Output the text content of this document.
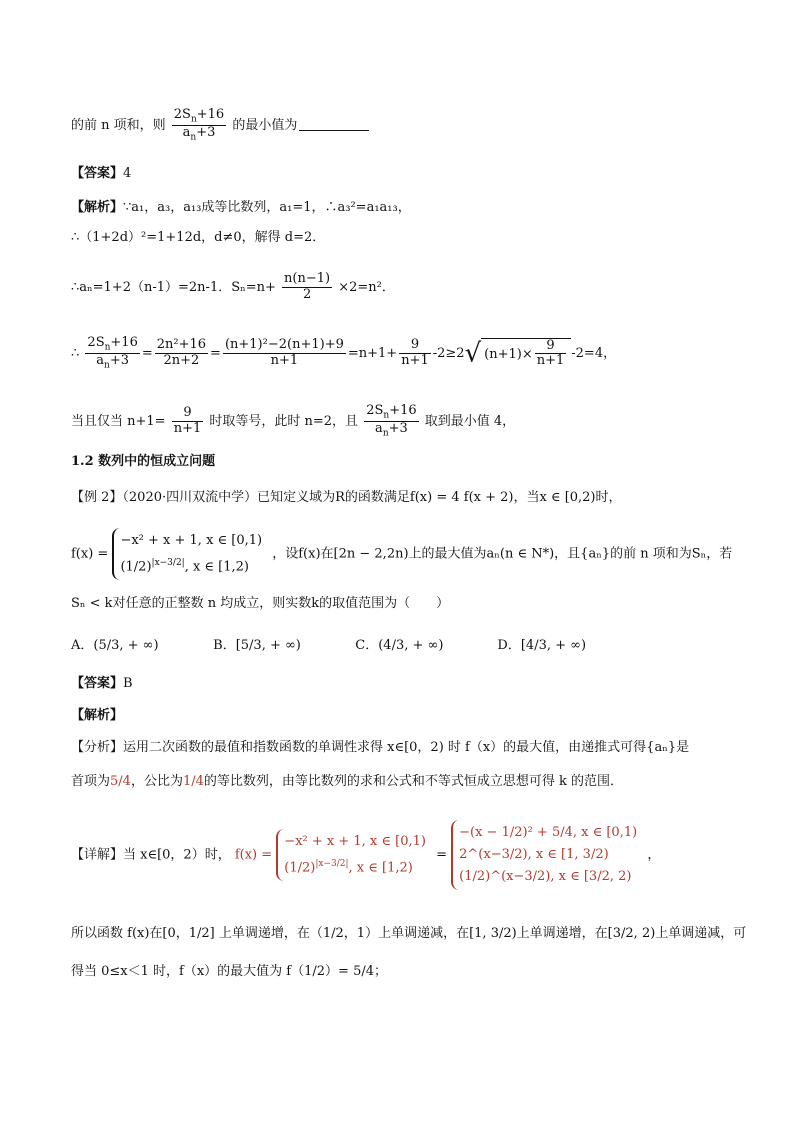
的前 n 项和，则 $\frac{2S_n+16}{a_n+3}$ 的最小值为
【答案】4
【解析】∵a₁，a₃，a₁₃成等比数列，a₁=1，∴a₃²=a₁a₁₃，
∴（1+2d）²=1+12d，d≠0，解得 d=2．
∴aₙ=1+2（n-1）=2n-1．$S_n=n+ \frac{n(n-1)}{2} \times 2=n^2$．
∴ $\frac{2S_n+16}{a_n+3} = \frac{\text{2n²+16}}{2n+2} = \frac{\text{(n+1)²−2(n+1)+9}}{n+1} =n+1+ \frac{9}{n+1} -2\ge 2√$ $(n+1)\times \frac{9}{n+1} -2=4$，
当且仅当 $n+1= \frac{9}{n+1}$ 时取等号，此时 n=2，且 $\frac{2S_n+16}{a_n+3}$ 取到最小值 4，
1.2 数列中的恒成立问题
【例 2】（2020·四川双流中学）已知定义域为R的函数满足f(x) = 4 f(x + 2)，当x ∈ [0,2)时，
f(x) =
−x² + x + 1, x ∈ [0,1)
$(1/2)^{|x-3/2|}$, x ∈ [1,2)
，设f(x)在[2n − 2,2n)上的最大值为aₙ(n ∈ N*)，且{aₙ}的前 n 项和为Sₙ，若
Sₙ < k对任意的正整数 n 均成立，则实数k的取值范围为（　　）
A．(5/3, + ∞)	B．[5/3, + ∞)	C．(4/3, + ∞)	D．[4/3, + ∞)
【答案】B
【解析】
【分析】运用二次函数的最值和指数函数的单调性求得 x∈[0，2) 时 f（x）的最大值，由递推式可得{aₙ}是
首项为5/4，公比为1/4的等比数列，由等比数列的求和公式和不等式恒成立思想可得 k 的范围．
【详解】当 x∈[0，2）时， f(x) =
−x² + x + 1, x ∈ [0,1)
$(1/2)^{|x-3/2|}$, x ∈ [1,2)
=
−(x − 1/2)² + 5/4, x ∈ [0,1)
2^(x−3/2), x ∈ [1, 3/2)
(1/2)^(x−3/2), x ∈ [3/2, 2)
，
所以函数 f(x)在[0，1/2] 上单调递增，在（1/2，1）上单调递减，在[1, 3/2)上单调递增，在[3/2, 2)上单调递减，可
得当 0≤x＜1 时，f（x）的最大值为 f（1/2）= 5/4；
